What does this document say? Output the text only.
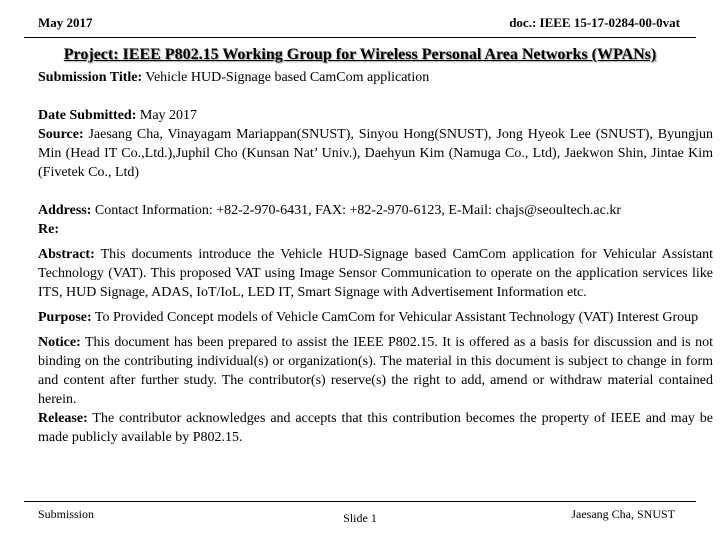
May 2017	doc.: IEEE 15-17-0284-00-0vat
Project: IEEE P802.15 Working Group for Wireless Personal Area Networks (WPANs)

Submission Title: Vehicle HUD-Signage based CamCom application

Date Submitted: May 2017

Source: Jaesang Cha, Vinayagam Mariappan(SNUST), Sinyou Hong(SNUST), Jong Hyeok Lee (SNUST), Byungjun Min (Head IT Co.,Ltd.),Juphil Cho (Kunsan Nat’ Univ.), Daehyun Kim (Namuga Co., Ltd), Jaekwon Shin, Jintae Kim (Fivetek Co., Ltd)

Address: Contact Information: +82-2-970-6431, FAX: +82-2-970-6123, E-Mail: chajs@seoultech.ac.kr

Re:

Abstract: This documents introduce the Vehicle HUD-Signage based CamCom application for Vehicular Assistant Technology (VAT). This proposed VAT using Image Sensor Communication to operate on the application services like ITS, HUD Signage, ADAS, IoT/IoL, LED IT, Smart Signage with Advertisement Information etc.

Purpose: To Provided Concept models of Vehicle CamCom for Vehicular Assistant Technology (VAT) Interest Group

Notice: This document has been prepared to assist the IEEE P802.15. It is offered as a basis for discussion and is not binding on the contributing individual(s) or organization(s). The material in this document is subject to change in form and content after further study. The contributor(s) reserve(s) the right to add, amend or withdraw material contained herein.

Release: The contributor acknowledges and accepts that this contribution becomes the property of IEEE and may be made publicly available by P802.15.

Submission	Slide 1	Jaesang Cha, SNUST
